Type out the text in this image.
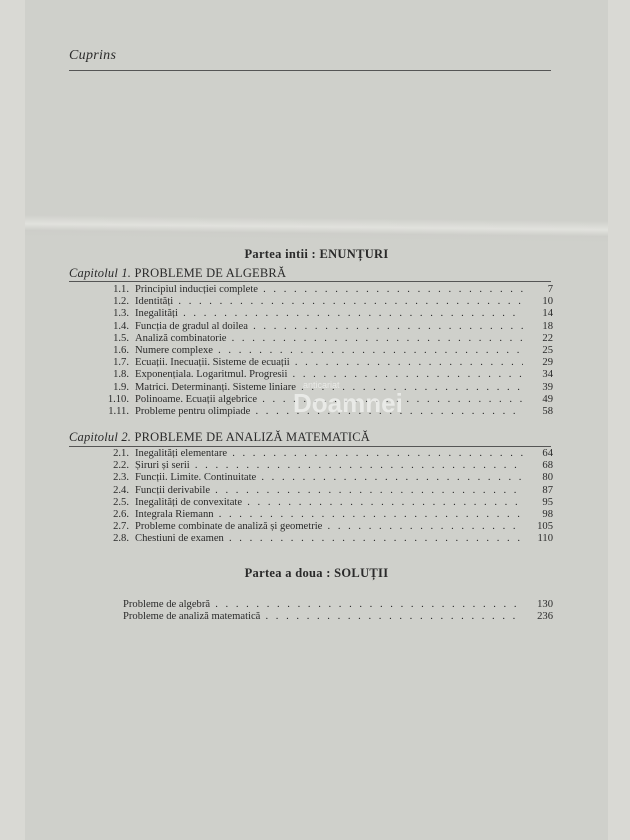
Cuprins
Partea intii : ENUNȚURI
Capitolul 1. PROBLEME DE ALGEBRĂ
1.1. Principiul inducției complete . . .	7
1.2. Identități . . .	10
1.3. Inegalități . . .	14
1.4. Funcția de gradul al doilea . . .	18
1.5. Analiză combinatorie . . .	22
1.6. Numere complexe . . .	25
1.7. Ecuații. Inecuații. Sisteme de ecuații . . .	29
1.8. Exponențiala. Logaritmul. Progresii . . .	34
1.9. Matrici. Determinanți. Sisteme liniare . . .	39
1.10. Polinoame. Ecuații algebrice . . .	49
1.11. Probleme pentru olimpiade . . .	58
Capitolul 2. PROBLEME DE ANALIZĂ MATEMATICĂ
2.1. Inegalități elementare . . .	64
2.2. Șiruri și serii . . .	68
2.3. Funcții. Limite. Continuitate . . .	80
2.4. Funcții derivabile . . .	87
2.5. Inegalități de convexitate . . .	95
2.6. Integrala Riemann . . .	98
2.7. Probleme combinate de analiză și geometrie . . .	105
2.8. Chestiuni de examen . . .	110
Partea a doua : SOLUȚII
Probleme de algebră . . .	130
Probleme de analiză matematică . . .	236
anticariat
Doamnei
